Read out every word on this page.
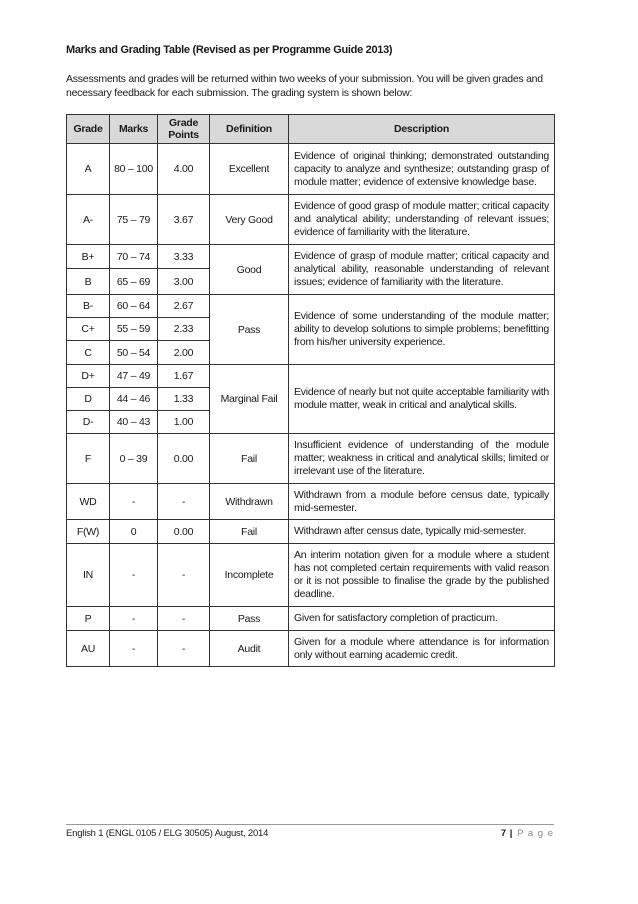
Marks and Grading Table (Revised as per Programme Guide 2013)

Assessments and grades will be returned within two weeks of your submission. You will be given grades and necessary feedback for each submission. The grading system is shown below:

Grade	Marks	Grade Points	Definition	Description
A	80 – 100	4.00	Excellent	Evidence of original thinking; demonstrated outstanding capacity to analyze and synthesize; outstanding grasp of module matter; evidence of extensive knowledge base.
A-	75 – 79	3.67	Very Good	Evidence of good grasp of module matter; critical capacity and analytical ability; understanding of relevant issues; evidence of familiarity with the literature.
B+	70 – 74	3.33	Good	Evidence of grasp of module matter; critical capacity and analytical ability, reasonable understanding of relevant issues; evidence of familiarity with the literature.
B	65 – 69	3.00		
B-	60 – 64	2.67	Pass	Evidence of some understanding of the module matter; ability to develop solutions to simple problems; benefitting from his/her university experience.
C+	55 – 59	2.33		
C	50 – 54	2.00		
D+	47 – 49	1.67	Marginal Fail	Evidence of nearly but not quite acceptable familiarity with module matter, weak in critical and analytical skills.
D	44 – 46	1.33		
D-	40 – 43	1.00		
F	0 – 39	0.00	Fail	Insufficient evidence of understanding of the module matter; weakness in critical and analytical skills; limited or irrelevant use of the literature.
WD	-	-	Withdrawn	Withdrawn from a module before census date, typically mid-semester.
F(W)	0	0.00	Fail	Withdrawn after census date, typically mid-semester.
IN	-	-	Incomplete	An interim notation given for a module where a student has not completed certain requirements with valid reason or it is not possible to finalise the grade by the published deadline.
P	-	-	Pass	Given for satisfactory completion of practicum.
AU	-	-	Audit	Given for a module where attendance is for information only without earning academic credit.
English 1 (ENGL 0105 / ELG 30505) August, 2014	7 | P a g e
